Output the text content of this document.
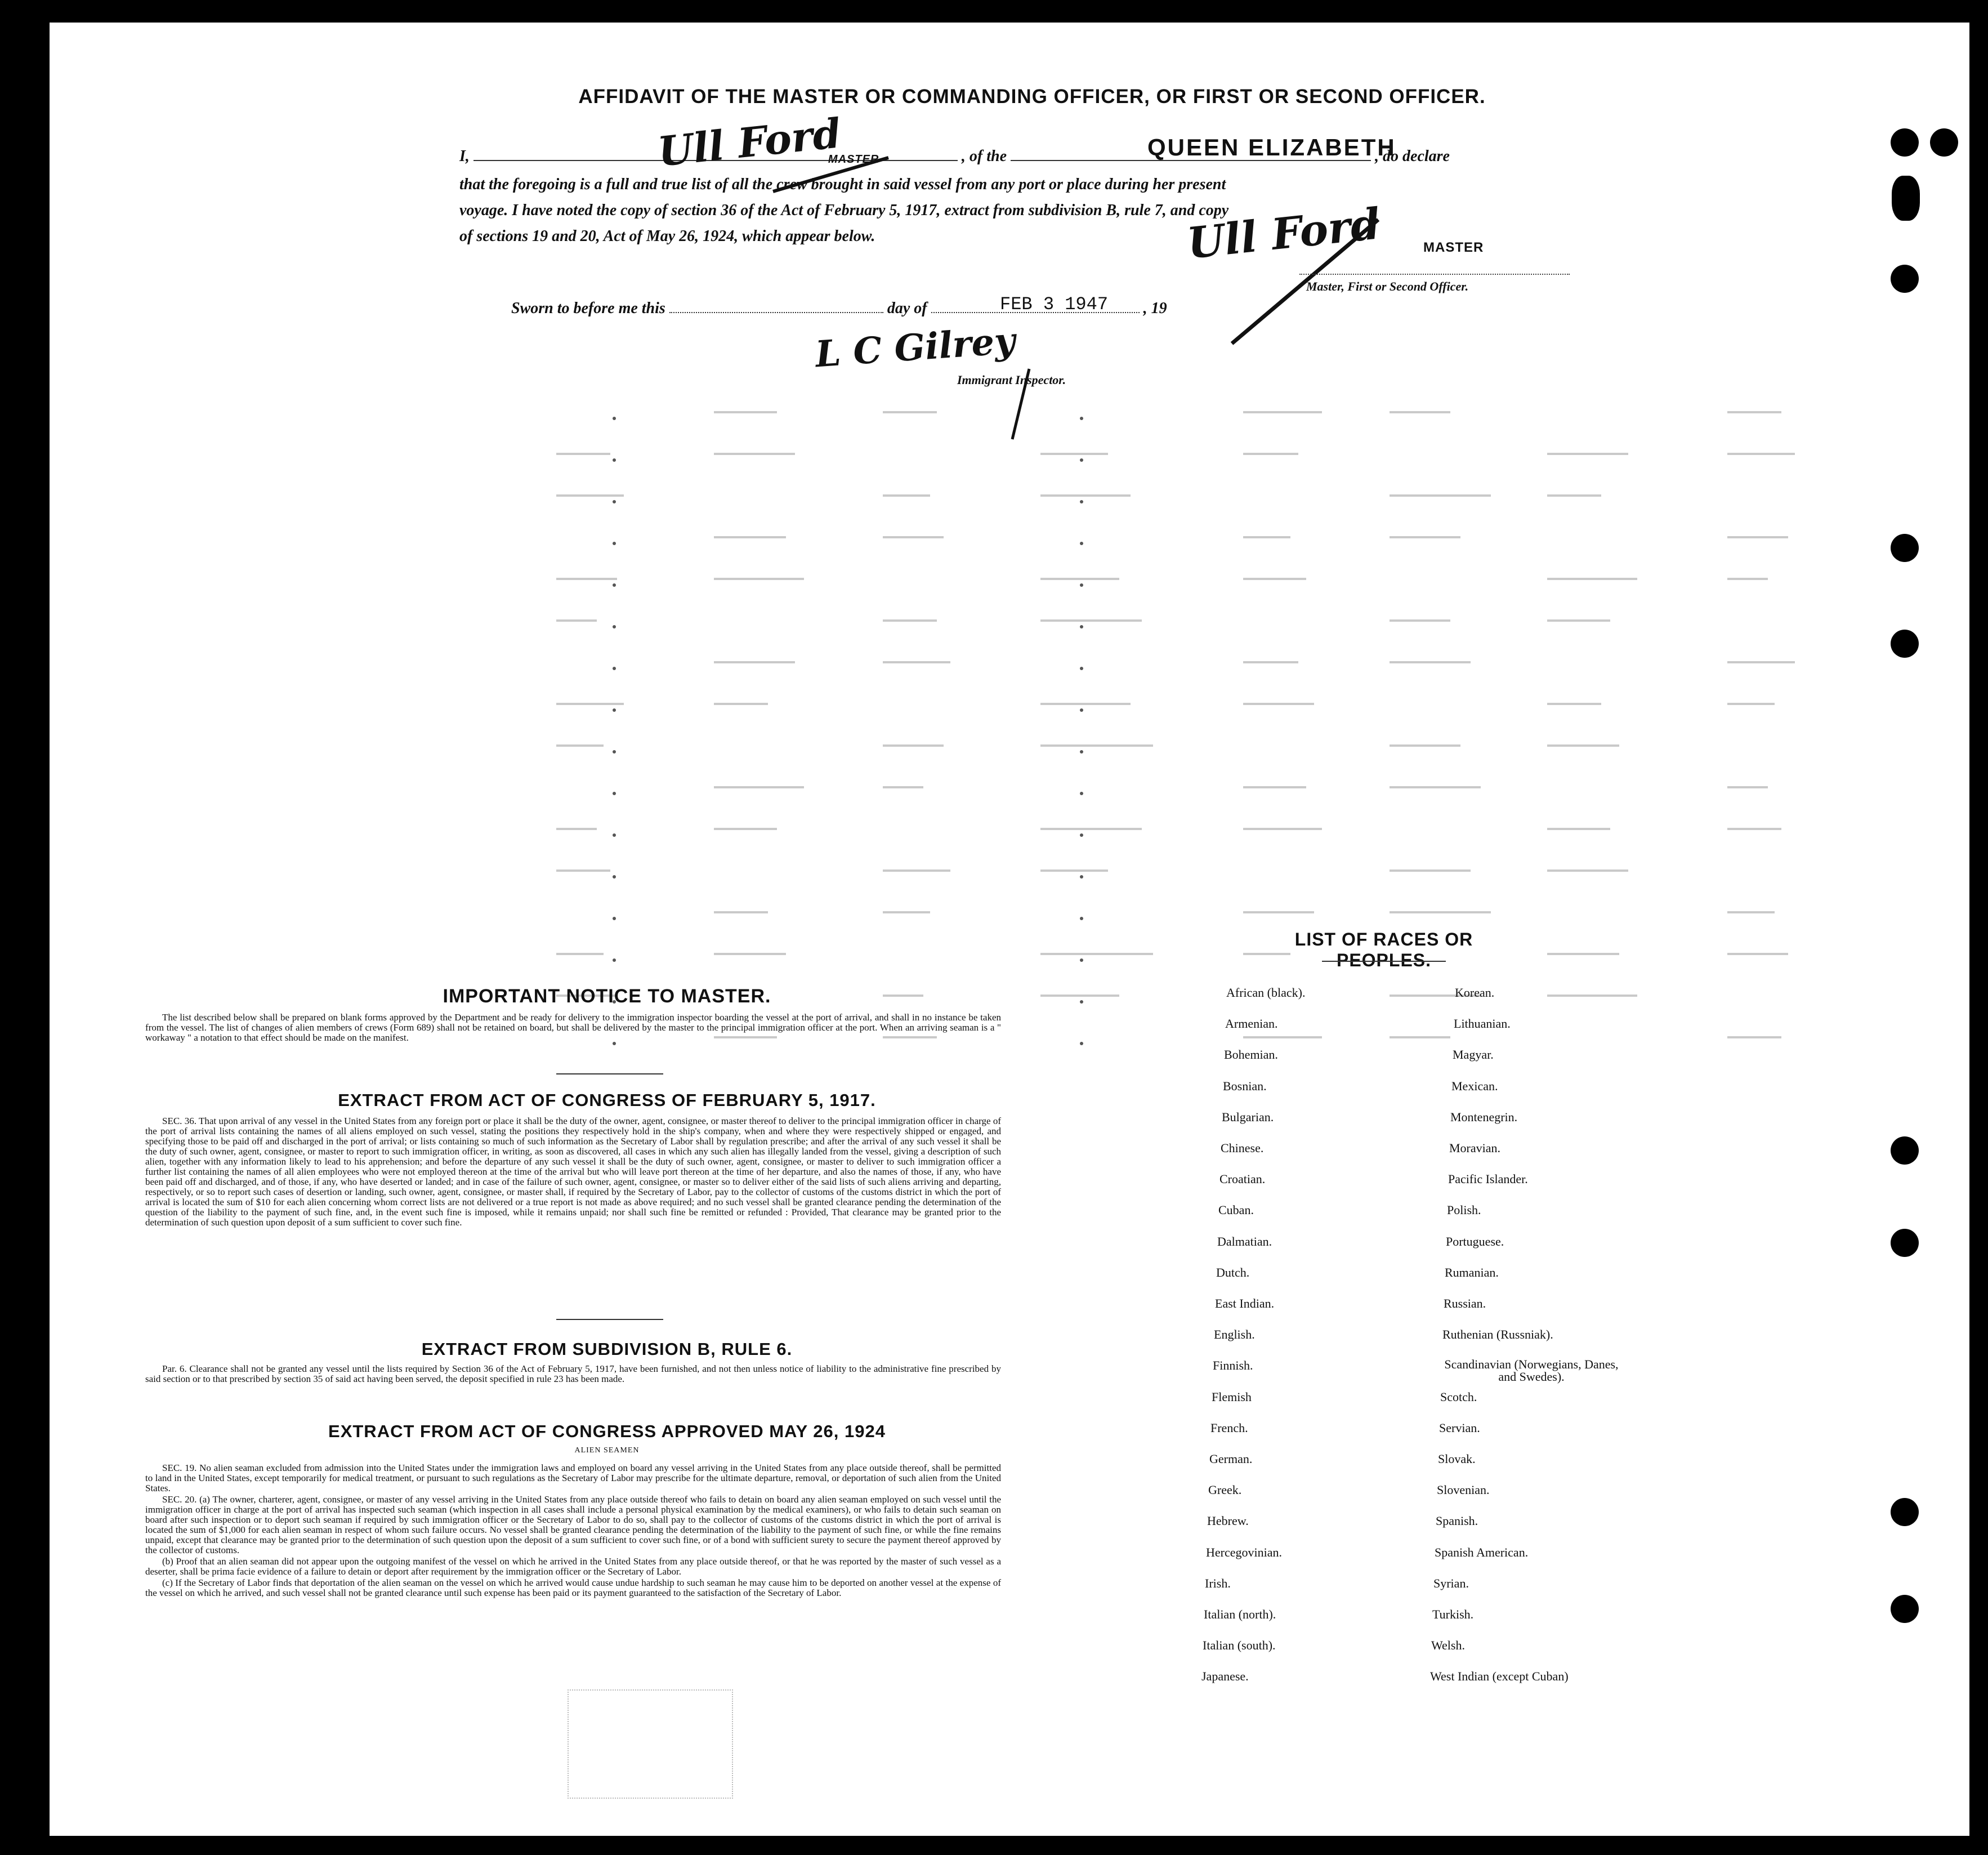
AFFIDAVIT OF THE MASTER OR COMMANDING OFFICER, OR FIRST OR SECOND OFFICER.
I,	MASTER	, of the	, do declare
QUEEN ELIZABETH
Ull Ford
that the foregoing is a full and true list of all the crew brought in said vessel from any port or place during her present
voyage. I have noted the copy of section 36 of the Act of February 5, 1917, extract from subdivision B, rule 7, and copy
of sections 19 and 20, Act of May 26, 1924, which appear below.	Ull Ford	MASTER
Master, First or Second Officer.
Sworn to before me this	day of	, 19
FEB 3 1947
L C Gilrey
Immigrant Inspector.
IMPORTANT NOTICE TO MASTER.

The list described below shall be prepared on blank forms approved by the Department and be ready for delivery to the immigration inspector boarding the vessel at the port of arrival, and shall in no instance be taken from the vessel. The list of changes of alien members of crews (Form 689) shall not be retained on board, but shall be delivered by the master to the principal immigration officer at the port. When an arriving seaman is a " workaway " a notation to that effect should be made on the manifest.

EXTRACT FROM ACT OF CONGRESS OF FEBRUARY 5, 1917.

SEC. 36. That upon arrival of any vessel in the United States from any foreign port or place it shall be the duty of the owner, agent, consignee, or master thereof to deliver to the principal immigration officer in charge of the port of arrival lists containing the names of all aliens employed on such vessel, stating the positions they respectively hold in the ship's company, when and where they were respectively shipped or engaged, and specifying those to be paid off and discharged in the port of arrival; or lists containing so much of such information as the Secretary of Labor shall by regulation prescribe; and after the arrival of any such vessel it shall be the duty of such owner, agent, consignee, or master to report to such immigration officer, in writing, as soon as discovered, all cases in which any such alien has illegally landed from the vessel, giving a description of such alien, together with any information likely to lead to his apprehension; and before the departure of any such vessel it shall be the duty of such owner, agent, consignee, or master to deliver to such immigration officer a further list containing the names of all alien employees who were not employed thereon at the time of the arrival but who will leave port thereon at the time of her departure, and also the names of those, if any, who have been paid off and discharged, and of those, if any, who have deserted or landed; and in case of the failure of such owner, agent, consignee, or master so to deliver either of the said lists of such aliens arriving and departing, respectively, or so to report such cases of desertion or landing, such owner, agent, consignee, or master shall, if required by the Secretary of Labor, pay to the collector of customs of the customs district in which the port of arrival is located the sum of $10 for each alien concerning whom correct lists are not delivered or a true report is not made as above required; and no such vessel shall be granted clearance pending the determination of the question of the liability to the payment of such fine, and, in the event such fine is imposed, while it remains unpaid; nor shall such fine be remitted or refunded : Provided, That clearance may be granted prior to the determination of such question upon deposit of a sum sufficient to cover such fine.

EXTRACT FROM SUBDIVISION B, RULE 6.

Par. 6. Clearance shall not be granted any vessel until the lists required by Section 36 of the Act of February 5, 1917, have been furnished, and not then unless notice of liability to the administrative fine prescribed by said section or to that prescribed by section 35 of said act having been served, the deposit specified in rule 23 has been made.

EXTRACT FROM ACT OF CONGRESS APPROVED MAY 26, 1924
ALIEN SEAMEN

SEC. 19. No alien seaman excluded from admission into the United States under the immigration laws and employed on board any vessel arriving in the United States from any place outside thereof, shall be permitted to land in the United States, except temporarily for medical treatment, or pursuant to such regulations as the Secretary of Labor may prescribe for the ultimate departure, removal, or deportation of such alien from the United States.

SEC. 20. (a) The owner, charterer, agent, consignee, or master of any vessel arriving in the United States from any place outside thereof who fails to detain on board any alien seaman employed on such vessel until the immigration officer in charge at the port of arrival has inspected such seaman (which inspection in all cases shall include a personal physical examination by the medical examiners), or who fails to detain such seaman on board after such inspection or to deport such seaman if required by such immigration officer or the Secretary of Labor to do so, shall pay to the collector of customs of the customs district in which the port of arrival is located the sum of $1,000 for each alien seaman in respect of whom such failure occurs. No vessel shall be granted clearance pending the determination of the liability to the payment of such fine, or while the fine remains unpaid, except that clearance may be granted prior to the determination of such question upon the deposit of a sum sufficient to cover such fine, or of a bond with sufficient surety to secure the payment thereof approved by the collector of customs.

(b) Proof that an alien seaman did not appear upon the outgoing manifest of the vessel on which he arrived in the United States from any place outside thereof, or that he was reported by the master of such vessel as a deserter, shall be prima facie evidence of a failure to detain or deport after requirement by the immigration officer or the Secretary of Labor.

(c) If the Secretary of Labor finds that deportation of the alien seaman on the vessel on which he arrived would cause undue hardship to such seaman he may cause him to be deported on another vessel at the expense of the vessel on which he arrived, and such vessel shall not be granted clearance until such expense has been paid or its payment guaranteed to the satisfaction of the Secretary of Labor.

LIST OF RACES OR PEOPLES.
African (black).
Armenian.
Bohemian.
Bosnian.
Bulgarian.
Chinese.
Croatian.
Cuban.
Dalmatian.
Dutch.
East Indian.
English.
Finnish.
Flemish
French.
German.
Greek.
Hebrew.
Hercegovinian.
Irish.
Italian (north).
Italian (south).
Japanese.
Korean.
Lithuanian.
Magyar.
Mexican.
Montenegrin.
Moravian.
Pacific Islander.
Polish.
Portuguese.
Rumanian.
Russian.
Ruthenian (Russniak).
Scandinavian (Norwegians, Danes, and Swedes).
Scotch.
Servian.
Slovak.
Slovenian.
Spanish.
Spanish American.
Syrian.
Turkish.
Welsh.
West Indian (except Cuban)
